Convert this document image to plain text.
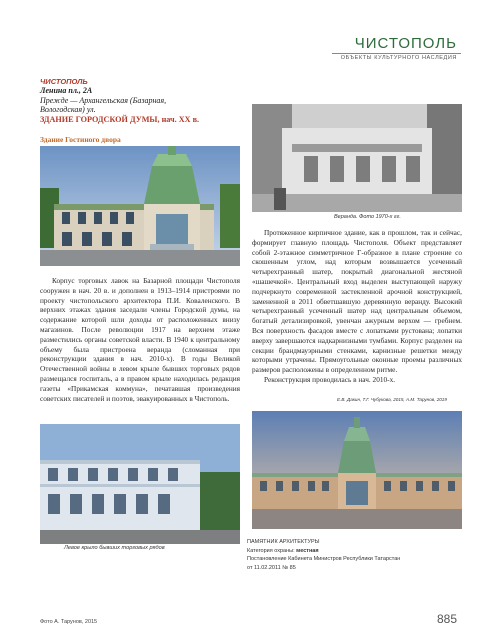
ЧИСТОПОЛЬ
ОБЪЕКТЫ КУЛЬТУРНОГО НАСЛЕДИЯ
ЧИСТОПОЛЬ
Ленина пл., 2А
Прежде — Архангельская (Базарная,
Вологодская) ул.
ЗДАНИЕ ГОРОДСКОЙ ДУМЫ, нач. ХХ в.
Здание Гостиного двора
Веранда. Фото 1970-х гг.

Корпус торговых лавок на Базарной площади Чистополя сооружен в нач. 20 в. и дополнен в 1913–1914 пристроями по проекту чистопольского архитектора П.И. Коваленского. В верхних этажах здания заседали члены Городской думы, на содержание которой шли доходы от расположенных внизу магазинов. После революции 1917 на верхнем этаже разместились органы советской власти. В 1940 к центральному объему была пристроена веранда (сломанная при реконструкции здания в нач. 2010-х). В годы Великой Отечественной войны в левом крыле бывших торговых рядов размещался госпиталь, а в правом крыле находилась редакция газеты «Прикамская коммуна», печатавшая произведения советских писателей и поэтов, эвакуированных в Чистополь.

Протяженное кирпичное здание, как в прошлом, так и сейчас, формирует главную площадь Чистополя. Объект представляет собой 2-этажное симметричное Г-образное в плане строение со скошенным углом, над которым возвышается усеченный четырехгранный шатер, покрытый диагональной жестяной «шашечкой». Центральный вход выделен выступающей наружу подчеркнуто современной застекленной арочной конструкцией, замененной в 2011 обветшавшую деревянную веранду. Высокий четырехгранный усеченный шатер над центральным объемом, богатый детализировкой, увенчан ажурным верхом — гребнем. Вся поверхность фасадов вместе с лопатками рустована; лопатки вверху завершаются надкарнизными тумбами. Корпус разделен на секции брандмауэрными стенками, карнизные решетки между которыми утрачены. Прямоугольные оконные проемы различных размеров расположены в определенном ритме.

Реконструкция проводилась в нач. 2010-х.

Е.В. Дакин, Т.Г. Чубукова, 2015, А.М. Тарунов, 2019
Левое крыло бывших торговых рядов
ПАМЯТНИК АРХИТЕКТУРЫ
Категория охраны: местная
Постановление Кабинета Министров Республики Татарстан
от 11.02.2011 № 85
Фото А. Тарунов, 2015	885
